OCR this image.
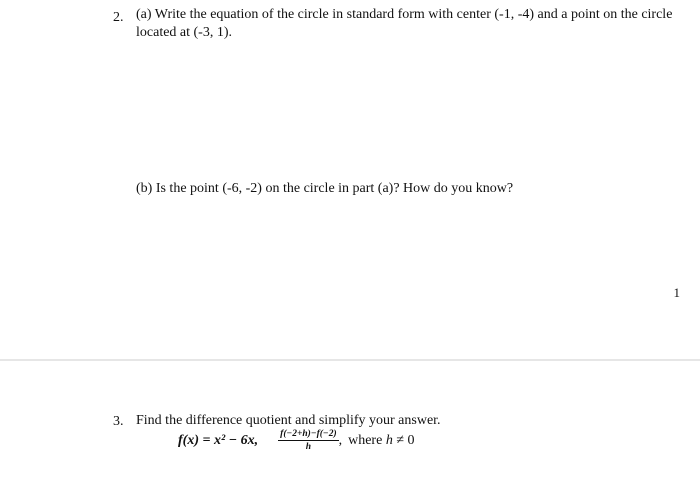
2. (a) Write the equation of the circle in standard form with center (-1, -4) and a point on the circle
located at (-3, 1).
(b) Is the point (-6, -2) on the circle in part (a)? How do you know?
1
3. Find the difference quotient and simplify your answer.
f(x) = x² − 6x, $\frac{f(-2+h)-f(-2)}{h}$ , where h ≠ 0
